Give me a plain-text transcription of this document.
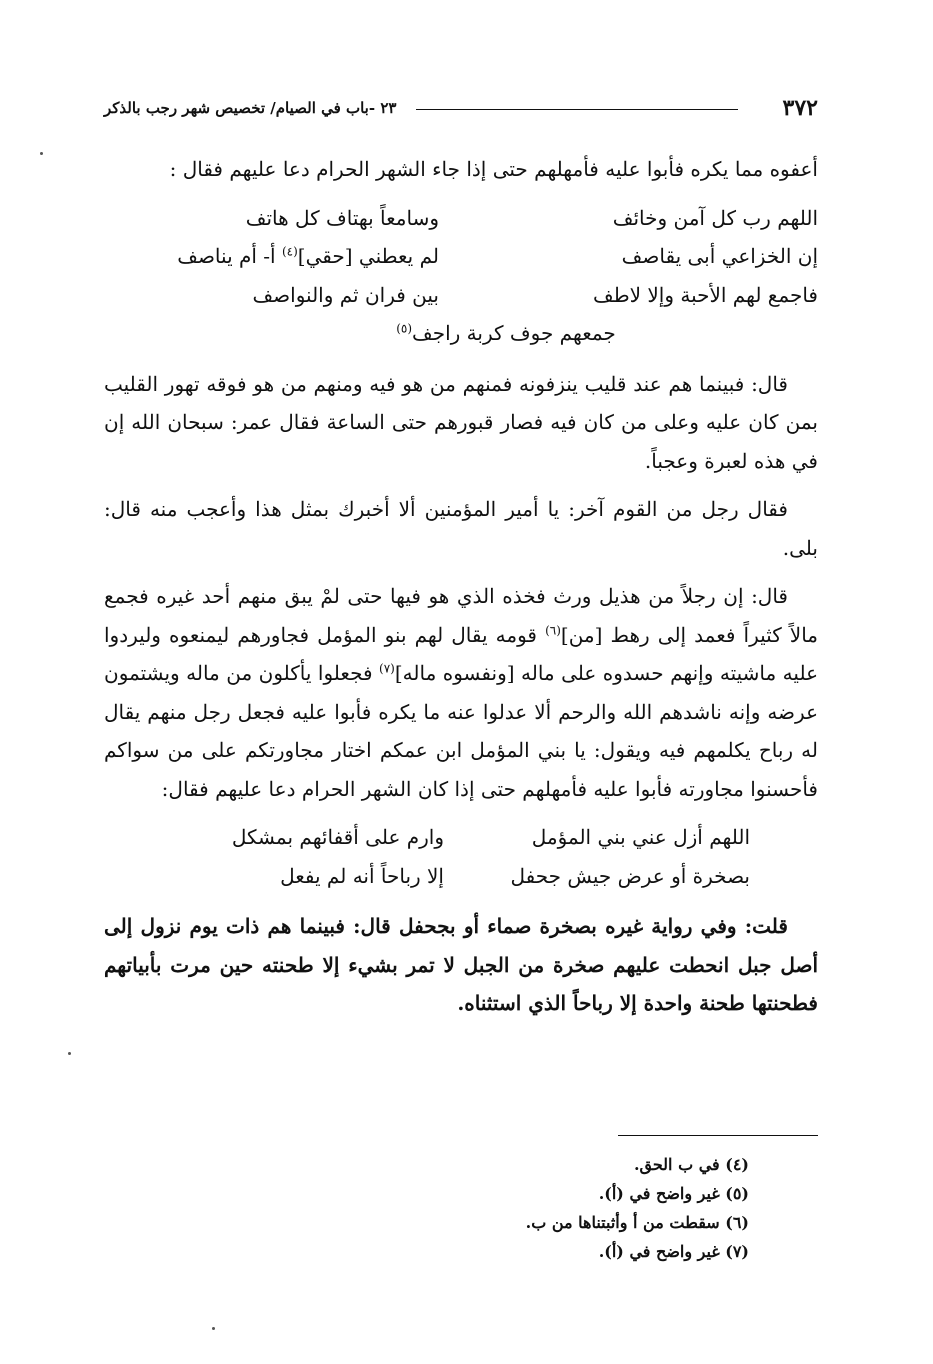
٣٧٢
٢٣ -باب في الصيام/ تخصيص شهر رجب بالذكر

أعفوه مما يكره فأبوا عليه فأمهلهم حتى إذا جاء الشهر الحرام دعا عليهم فقال :

اللهم رب كل آمن وخائف
وسامعاً بهتاف كل هاتف
إن الخزاعي أبى يقاصف
لم يعطني [حقي]$^{(٤)}$ أ- أم يناصف
فاجمع لهم الأحبة وإلا لاطف
بين فران ثم والنواصف
جمعهم جوف كربة راجف$^{(٥)}$

قال: فبينما هم عند قليب ينزفونه فمنهم من هو فيه ومنهم من هو فوقه تهور القليب بمن كان عليه وعلى من كان فيه فصار قبورهم حتى الساعة فقال عمر: سبحان الله إن في هذه لعبرة وعجباً.

فقال رجل من القوم آخر: يا أمير المؤمنين ألا أخبرك بمثل هذا وأعجب منه قال: بلى.

قال: إن رجلاً من هذيل ورث فخذه الذي هو فيها حتى لمْ يبق منهم أحد غيره فجمع مالاً كثيراً فعمد إلى رهط [من]$^{(٦)}$ قومه يقال لهم بنو المؤمل فجاورهم ليمنعوه وليردوا عليه ماشيته وإنهم حسدوه على ماله [ونفسوه ماله]$^{(٧)}$ فجعلوا يأكلون من ماله ويشتمون عرضه وإنه ناشدهم الله والرحم ألا عدلوا عنه ما يكره فأبوا عليه فجعل رجل منهم يقال له رباح يكلمهم فيه ويقول: يا بني المؤمل ابن عمكم اختار مجاورتكم على من سواكم فأحسنوا مجاورته فأبوا عليه فأمهلهم حتى إذا كان الشهر الحرام دعا عليهم فقال:

اللهم أزل عني بني المؤمل
وارم على أقفائهم بمشكل
بصخرة أو عرض جيش جحفل
إلا رباحاً أنه لم يفعل

قلت: وفي رواية غيره بصخرة صماء أو بجحفل قال: فبينما هم ذات يوم نزول إلى أصل جبل انحطت عليهم صخرة من الجبل لا تمر بشيء إلا طحنته حين مرت بأبياتهم فطحنتها طحنة واحدة إلا رباحاً الذي استثناه.

(٤) في ب الحق.

(٥) غير واضح في (أ).

(٦) سقطت من أ وأثبتناها من ب.

(٧) غير واضح في (أ).
